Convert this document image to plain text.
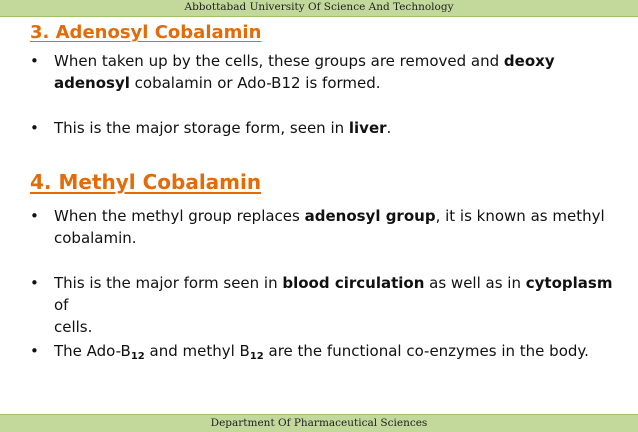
Abbottabad University Of Science And Technology
3. Adenosyl Cobalamin
• When taken up by the cells, these groups are removed and deoxy
adenosyl cobalamin or Ado-B12 is formed.
• This is the major storage form, seen in liver.
4. Methyl Cobalamin
• When the methyl group replaces adenosyl group, it is known as methyl
cobalamin.
• This is the major form seen in blood circulation as well as in cytoplasm of
cells.
• The Ado-$B_{12}$ and methyl $B_{12}$ are the functional co-enzymes in the body.
Department Of Pharmaceutical Sciences
